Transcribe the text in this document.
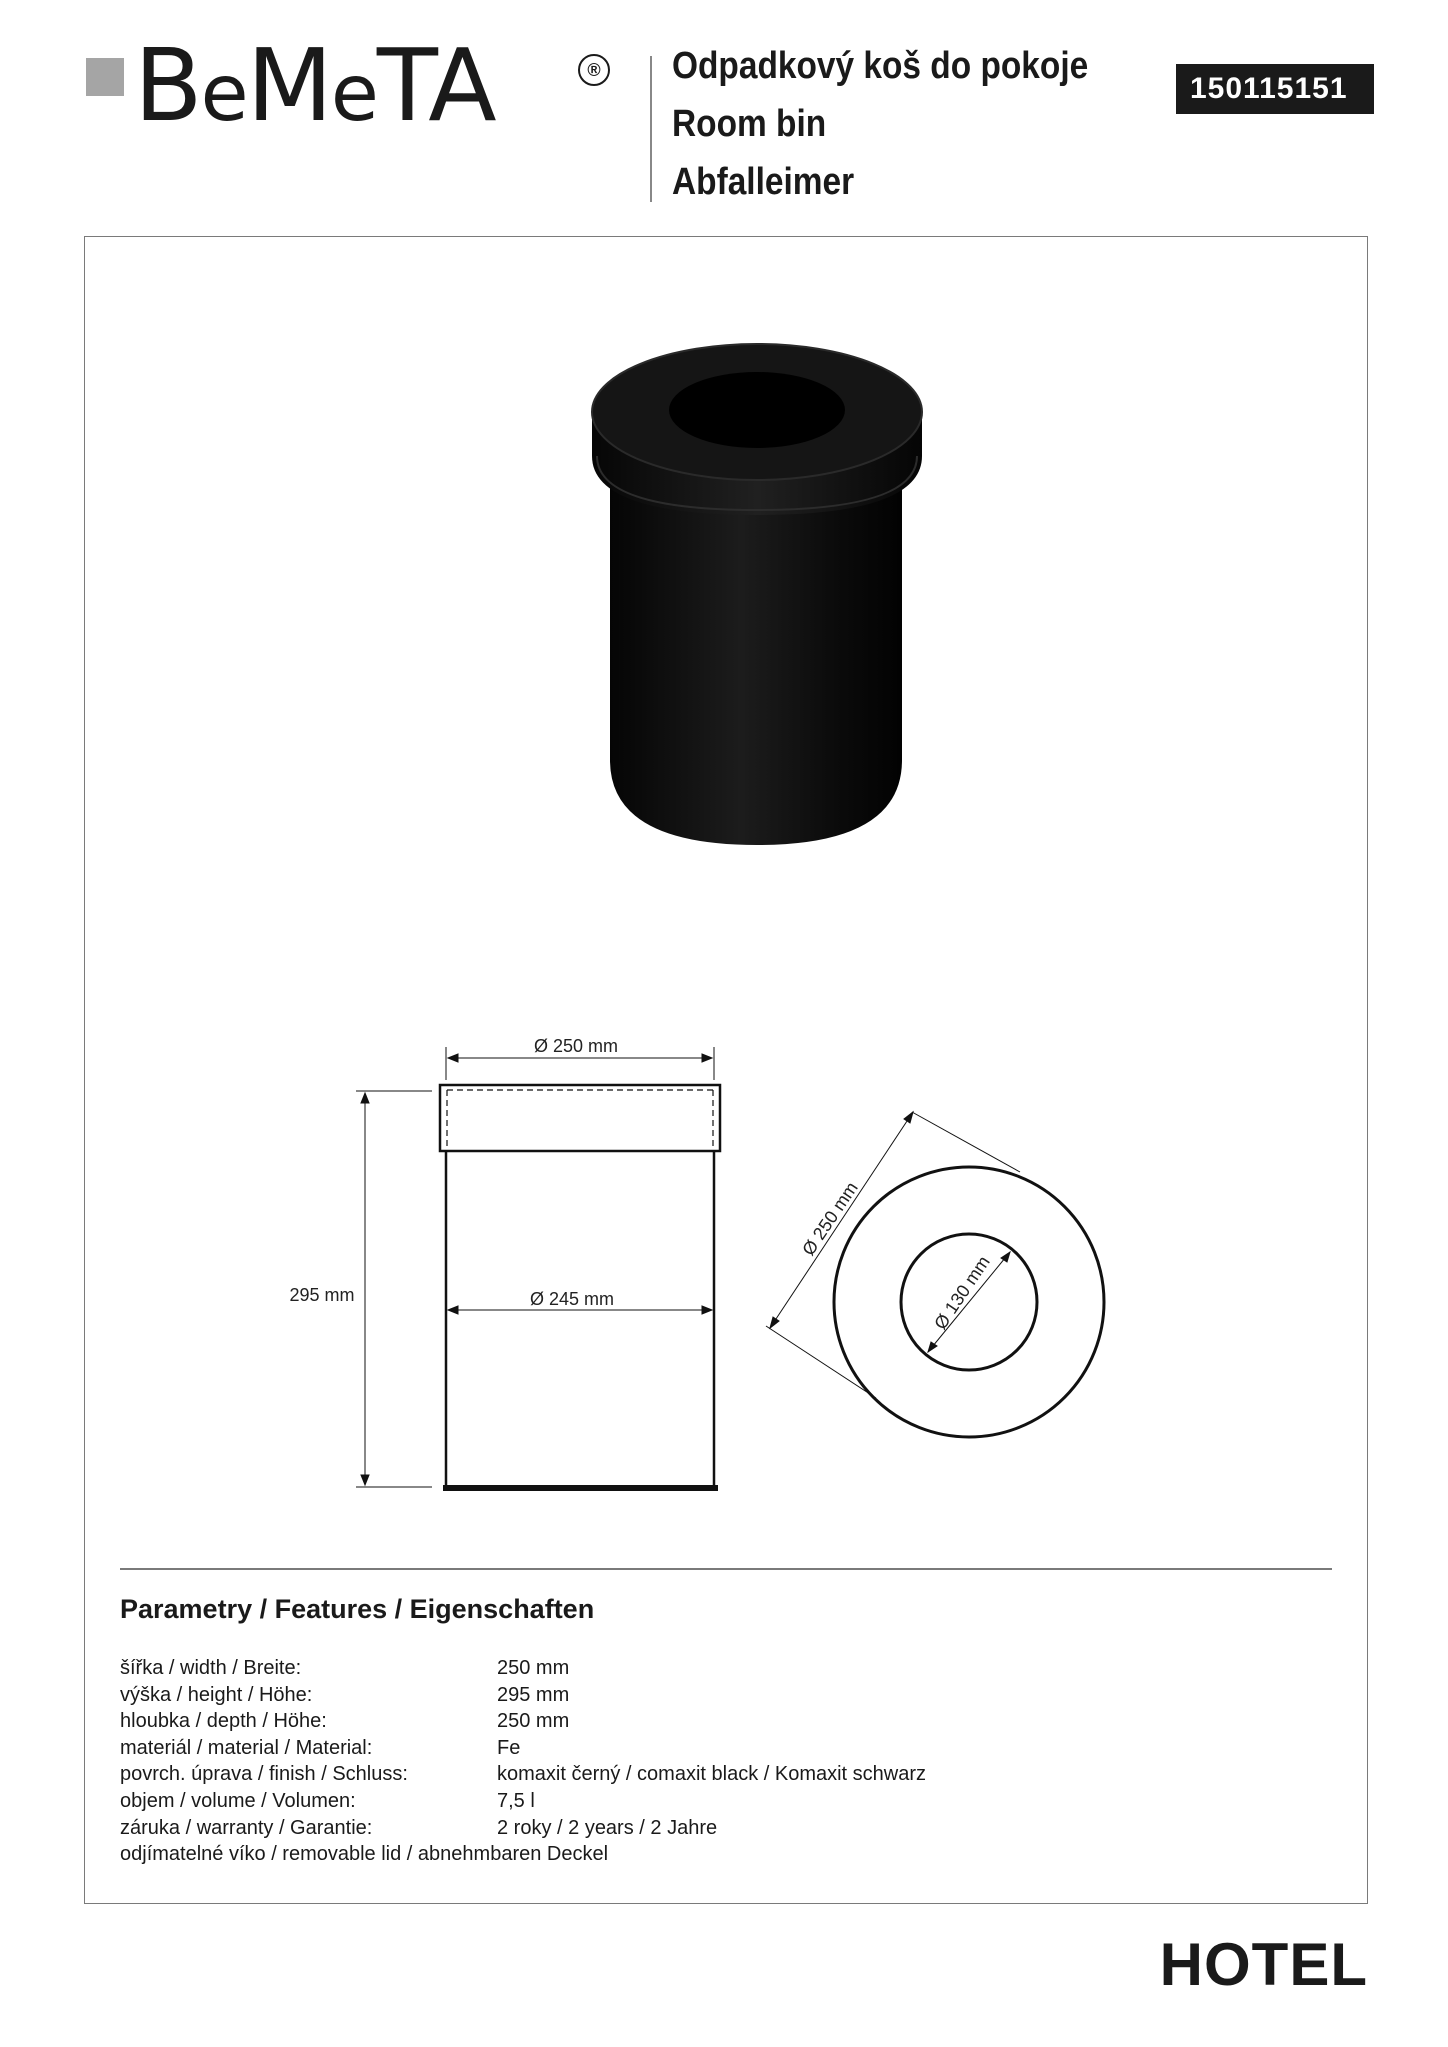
BeMeTA	® Odpadkový koš do pokoje
Room bin
Abfalleimer
150115151
Ø 250 mm
Ø 245 mm
295 mm
Ø 250 mm
Ø 130 mm
Parametry / Features / Eigenschaften
šířka / width / Breite:	250 mm
výška / height / Höhe:	295 mm
hloubka / depth / Höhe:	250 mm
materiál / material / Material:	Fe
povrch. úprava / finish / Schluss:	komaxit černý / comaxit black / Komaxit schwarz
objem / volume / Volumen:	7,5 l
záruka / warranty / Garantie:	2 roky / 2 years / 2 Jahre
odjímatelné víko / removable lid / abnehmbaren Deckel
HOTEL
